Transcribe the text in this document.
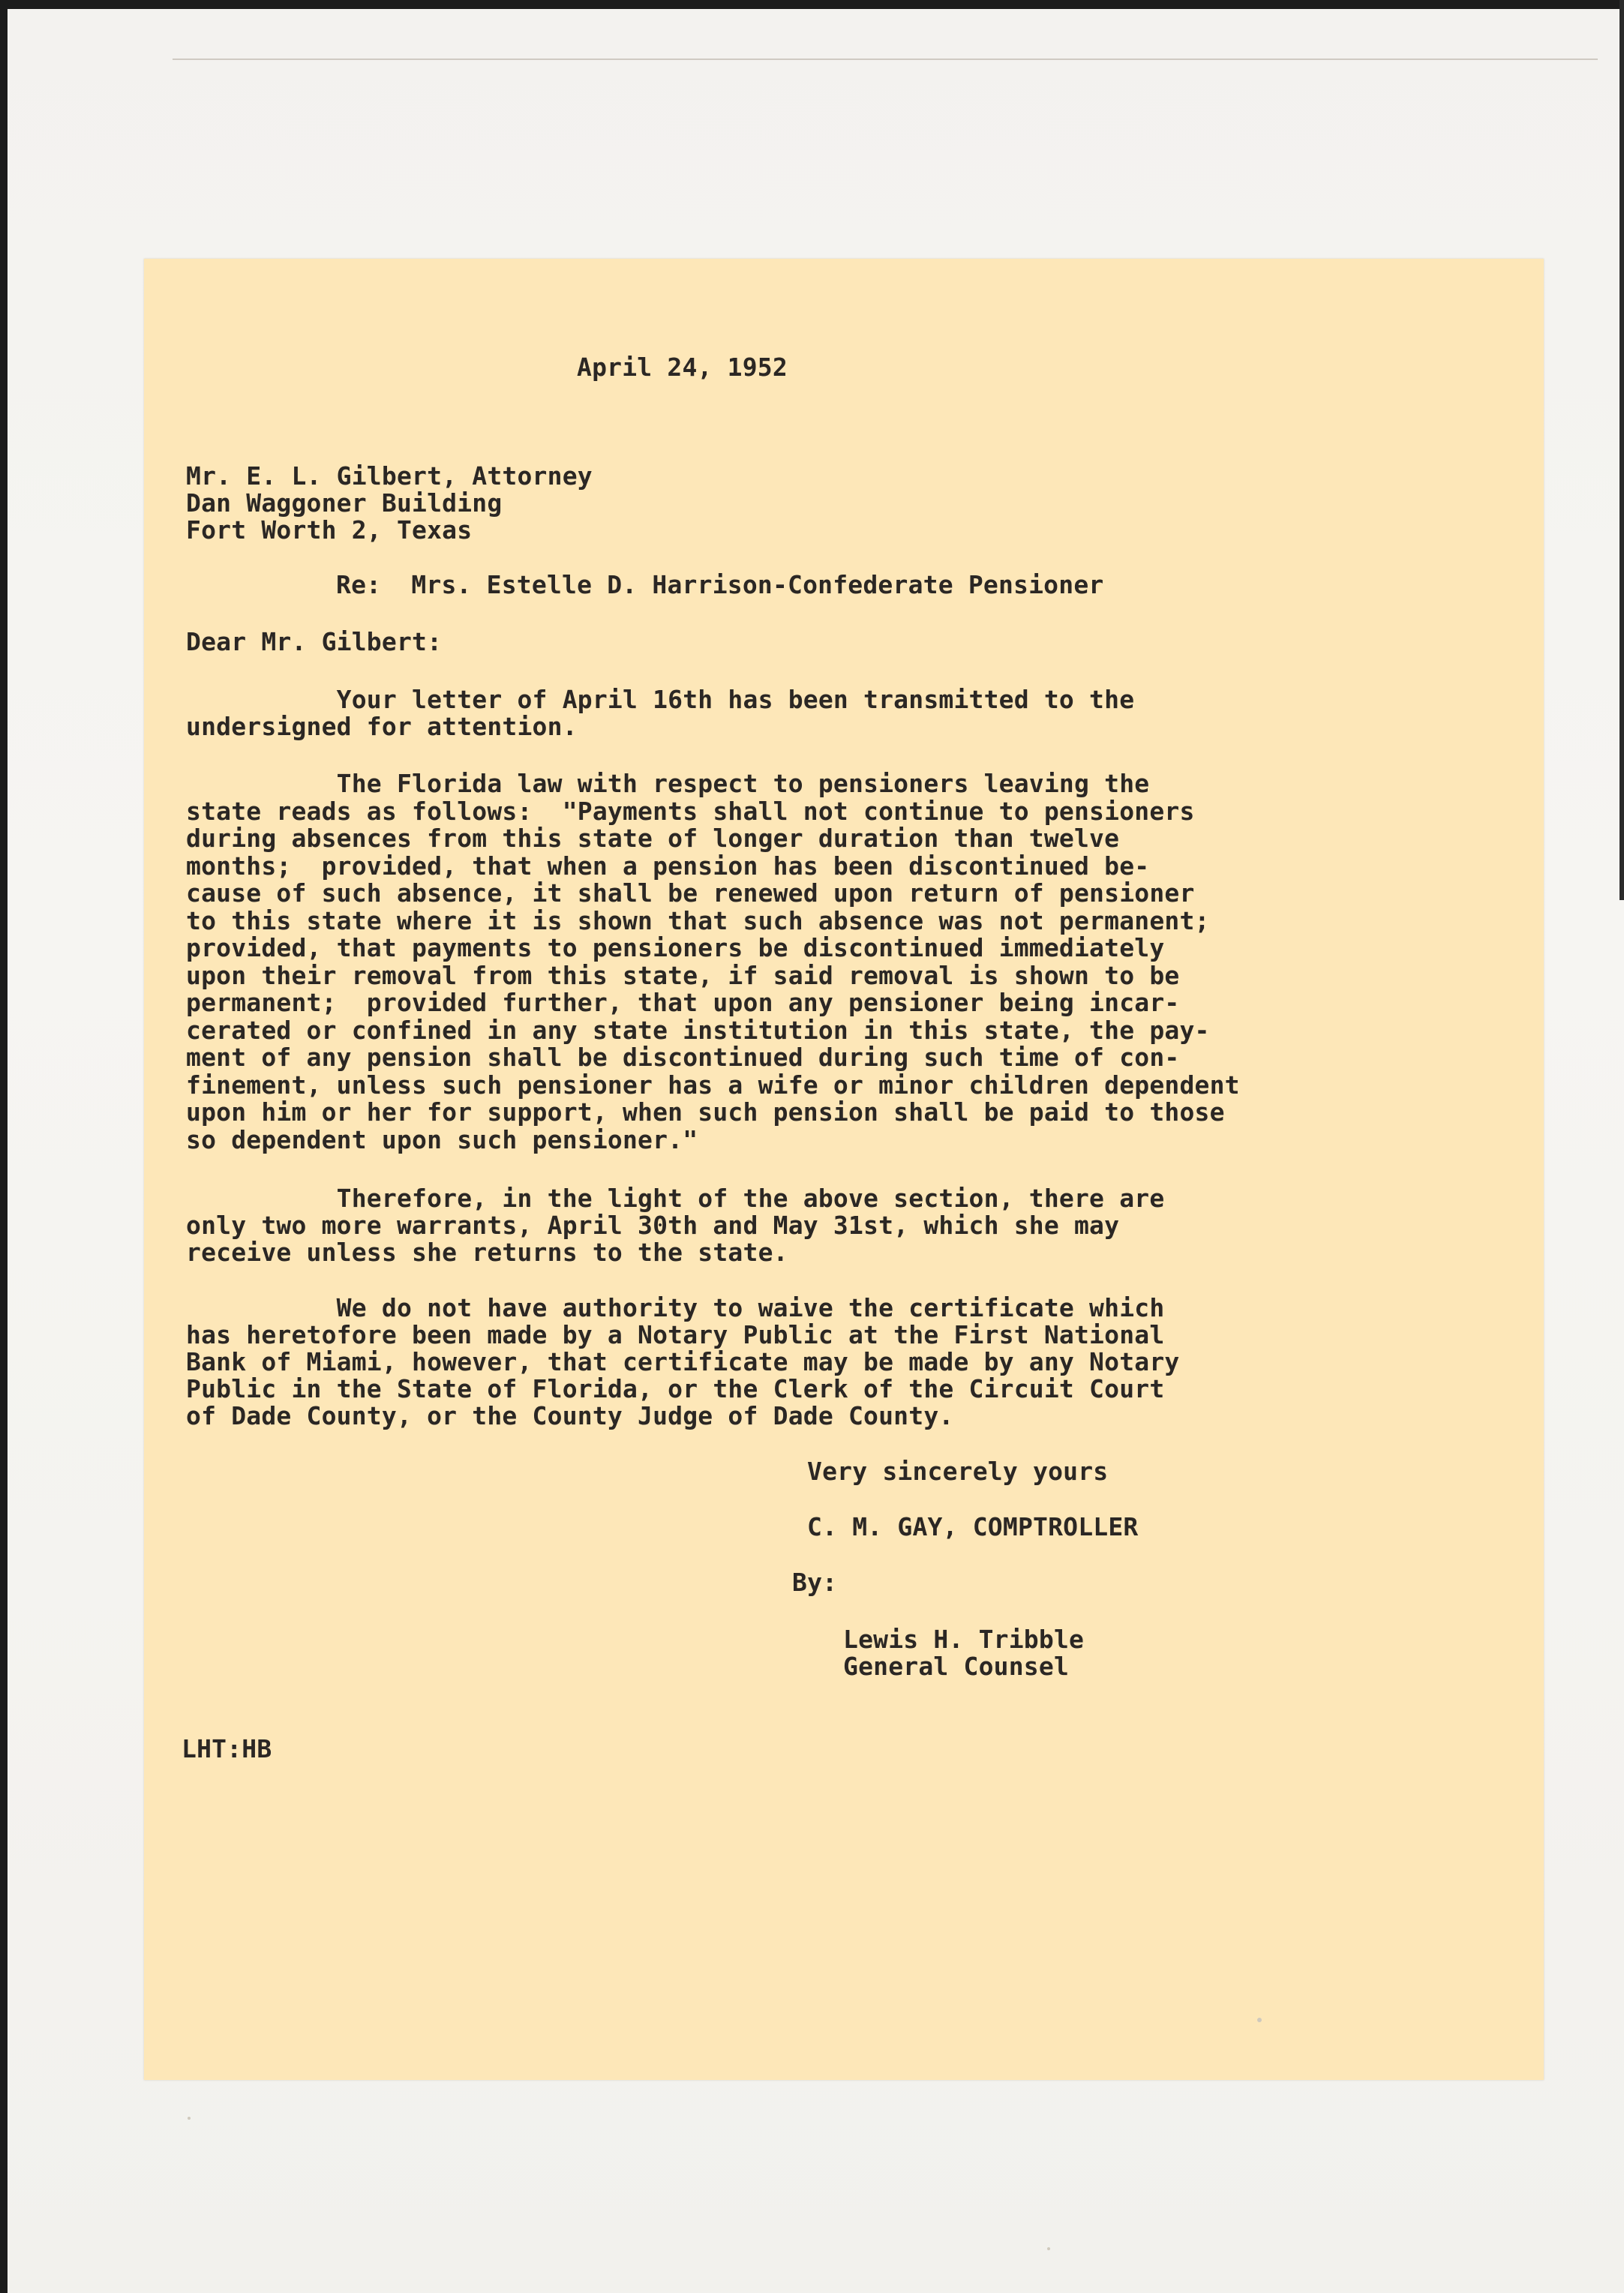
April 24, 1952
Mr. E. L. Gilbert, Attorney
Dan Waggoner Building
Fort Worth 2, Texas
Re:  Mrs. Estelle D. Harrison-Confederate Pensioner
Dear Mr. Gilbert:
Your letter of April 16th has been transmitted to the
undersigned for attention.
The Florida law with respect to pensioners leaving the
state reads as follows:  "Payments shall not continue to pensioners
during absences from this state of longer duration than twelve
months;  provided, that when a pension has been discontinued be-
cause of such absence, it shall be renewed upon return of pensioner
to this state where it is shown that such absence was not permanent;
provided, that payments to pensioners be discontinued immediately
upon their removal from this state, if said removal is shown to be
permanent;  provided further, that upon any pensioner being incar-
cerated or confined in any state institution in this state, the pay-
ment of any pension shall be discontinued during such time of con-
finement, unless such pensioner has a wife or minor children dependent
upon him or her for support, when such pension shall be paid to those
so dependent upon such pensioner."
Therefore, in the light of the above section, there are
only two more warrants, April 30th and May 31st, which she may
receive unless she returns to the state.
We do not have authority to waive the certificate which
has heretofore been made by a Notary Public at the First National
Bank of Miami, however, that certificate may be made by any Notary
Public in the State of Florida, or the Clerk of the Circuit Court
of Dade County, or the County Judge of Dade County.
Very sincerely yours
C. M. GAY, COMPTROLLER
By:
Lewis H. Tribble
General Counsel
LHT:HB
